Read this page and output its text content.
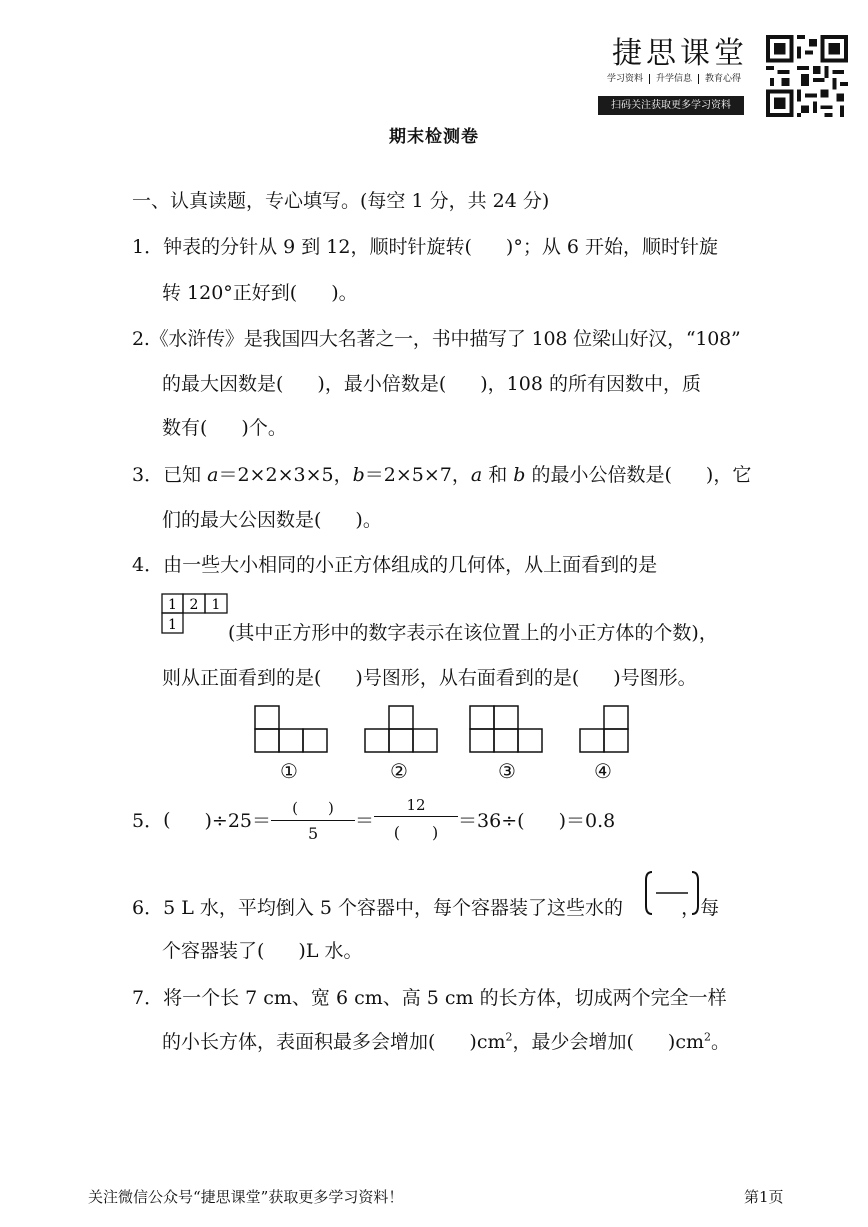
捷思课堂
学习资料	升学信息	教育心得
扫码关注获取更多学习资料
期末检测卷
一、认真读题，专心填写。(每空 1 分，共 24 分)
1．钟表的分针从 9 到 12，顺时针旋转( )°；从 6 开始，顺时针旋
转 120°正好到( )。
2.《水浒传》是我国四大名著之一，书中描写了 108 位梁山好汉，“108”
的最大因数是( )，最小倍数是( )，108 的所有因数中，质
数有( )个。
3．已知 a＝2×2×3×5，b＝2×5×7，a 和 b 的最小公倍数是( )，它
们的最大公因数是( )。
4．由一些大小相同的小正方体组成的几何体，从上面看到的是
1 2 1
1	(其中正方形中的数字表示在该位置上的小正方体的个数)，
则从正面看到的是( )号图形，从右面看到的是( )号图形。
①	②	③	④
5． ( )$\div 25= \frac{( )}{5} = \frac{12}{( )} =36\div$( )＝0.8
6．5 L 水，平均倒入 5 个容器中，每个容器装了这些水的	，每
个容器装了( )L 水。
7．将一个长 7 cm、宽 6 cm、高 5 cm 的长方体，切成两个完全一样
的小长方体，表面积最多会增加( )$cm^2$，最少会增加( )$cm^2$。
关注微信公众号“捷思课堂”获取更多学习资料！	第1页
